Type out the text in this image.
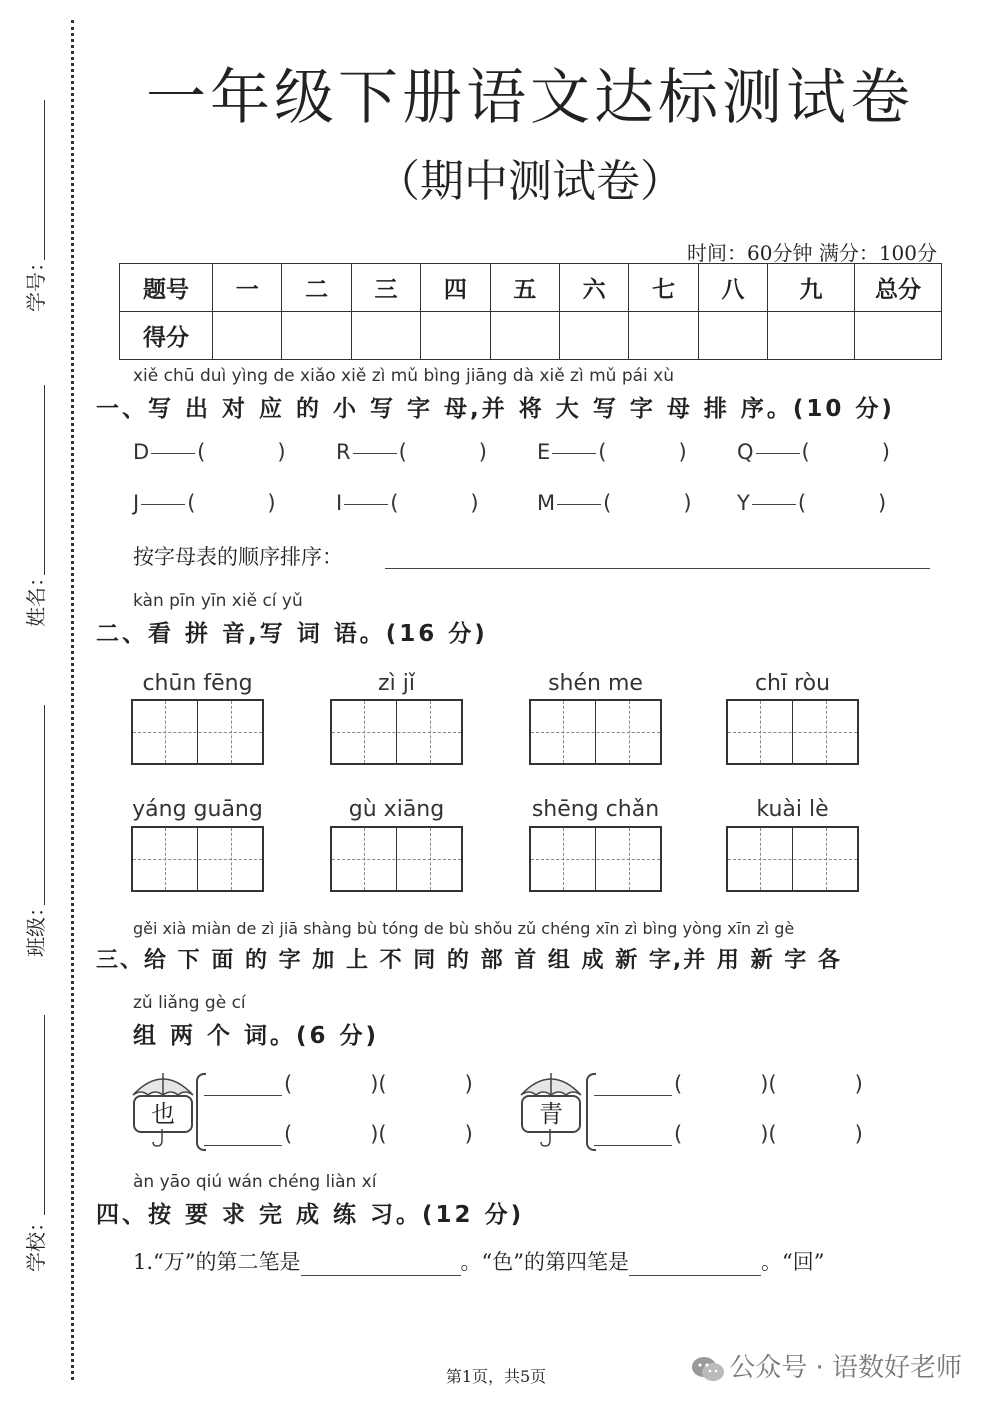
学号：
姓名：
班级：
学校：
一年级下册语文达标测试卷
（期中测试卷）
时间：60分钟 满分：100分
题号	一	二	三	四	五	六	七	八	九	总分
得分										
xiě chū duì yìng de xiǎo xiě zì mǔ bìng jiāng dà xiě zì mǔ pái xù
一、写 出 对 应 的 小 写 字 母,并 将 大 写 字 母 排 序。(10 分)
D (	) R (	) E (	) Q (	)
J (	)	I (	)	M (	) Y (	)
按字母表的顺序排序：
kàn pīn yīn xiě cí yǔ
二、看 拼 音,写 词 语。(16 分)
chūn fēng	zì jǐ	shén me	chī ròu
yáng guāng	gù xiāng	shēng chǎn	kuài lè
gěi xià miàn de zì jiā shàng bù tóng de bù shǒu zǔ chéng xīn zì bìng yòng xīn zì gè
三、给 下 面 的 字 加 上 不 同 的 部 首 组 成 新 字,并 用 新 字 各
zǔ liǎng gè cí
组 两 个 词。(6 分)
也
(	)(	)
(	)(	)
青
(	)(	)
(	)(	)
àn yāo qiú wán chéng liàn xí
四、按 要 求 完 成 练 习。(12 分)
1.“万”的第二笔是	。“色”的第四笔是	。“回”
第1页，共5页	公众号 · 语数好老师
